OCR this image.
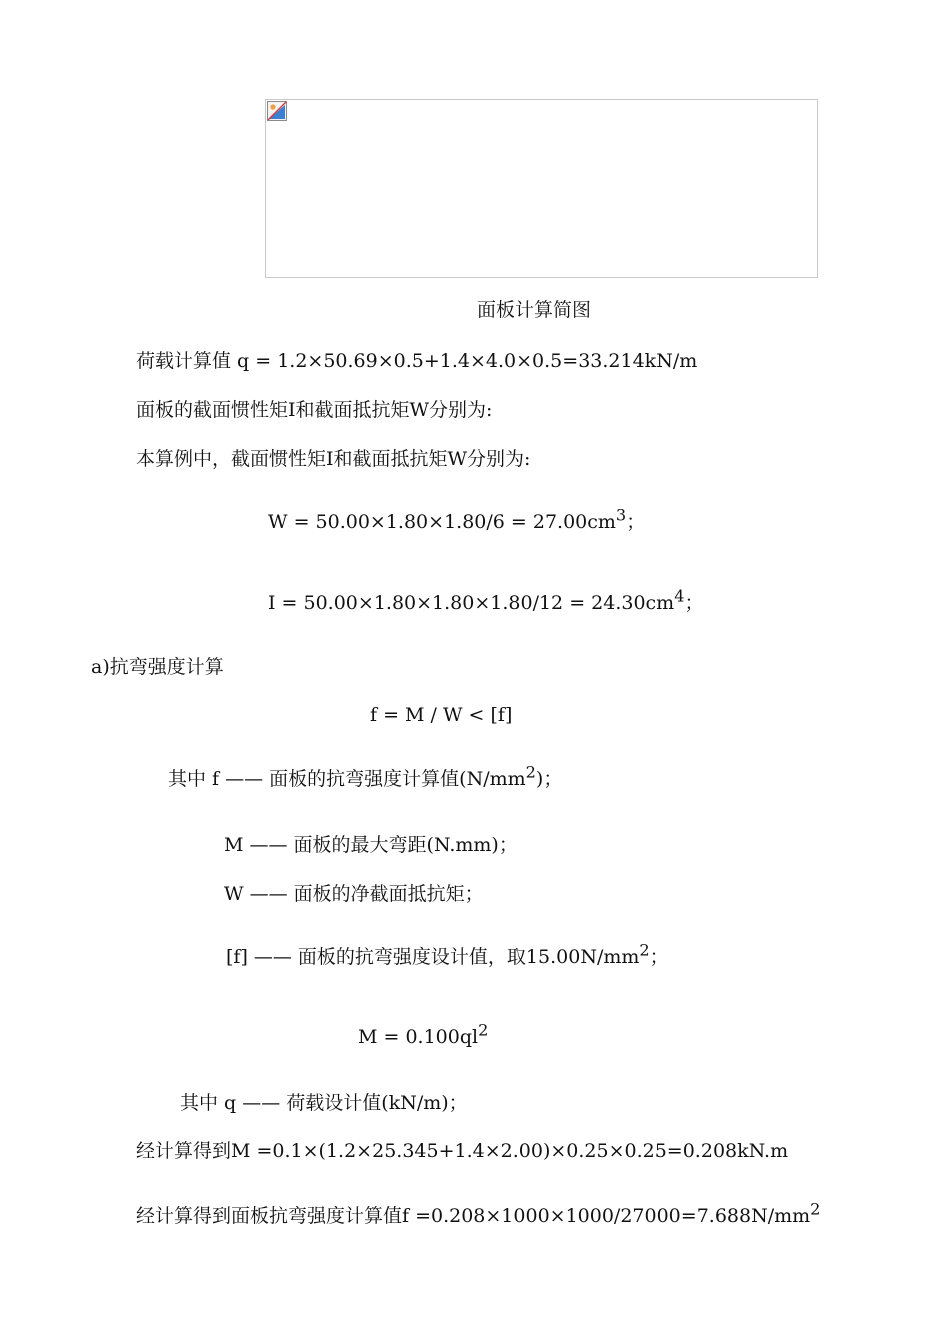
面板计算简图
荷载计算值 q = 1.2×50.69×0.5+1.4×4.0×0.5=33.214kN/m
面板的截面惯性矩I和截面抵抗矩W分别为:
本算例中，截面惯性矩I和截面抵抗矩W分别为:
$W = 50.00\times 1.80\times 1.80/6 = 27.00cm^3$；
$I = 50.00\times 1.80\times 1.80\times 1.80/12 = 24.30cm^4$；
a)抗弯强度计算
f = M / W < [f]
其中 f —— 面板的抗弯强度计算值$(N/mm^2)$；
M —— 面板的最大弯距(N.mm)；
W —— 面板的净截面抵抗矩；
[f] —— 面板的抗弯强度设计值，取$15.00N/mm^2$；
$M = 0.100ql^2$
其中 q —— 荷载设计值(kN/m)；
经计算得到M =0.1×(1.2×25.345+1.4×2.00)×0.25×0.25=0.208kN.m
经计算得到面板抗弯强度计算值$f =0.208\times 1000\times 1000/27000=7.688N/mm^2$
